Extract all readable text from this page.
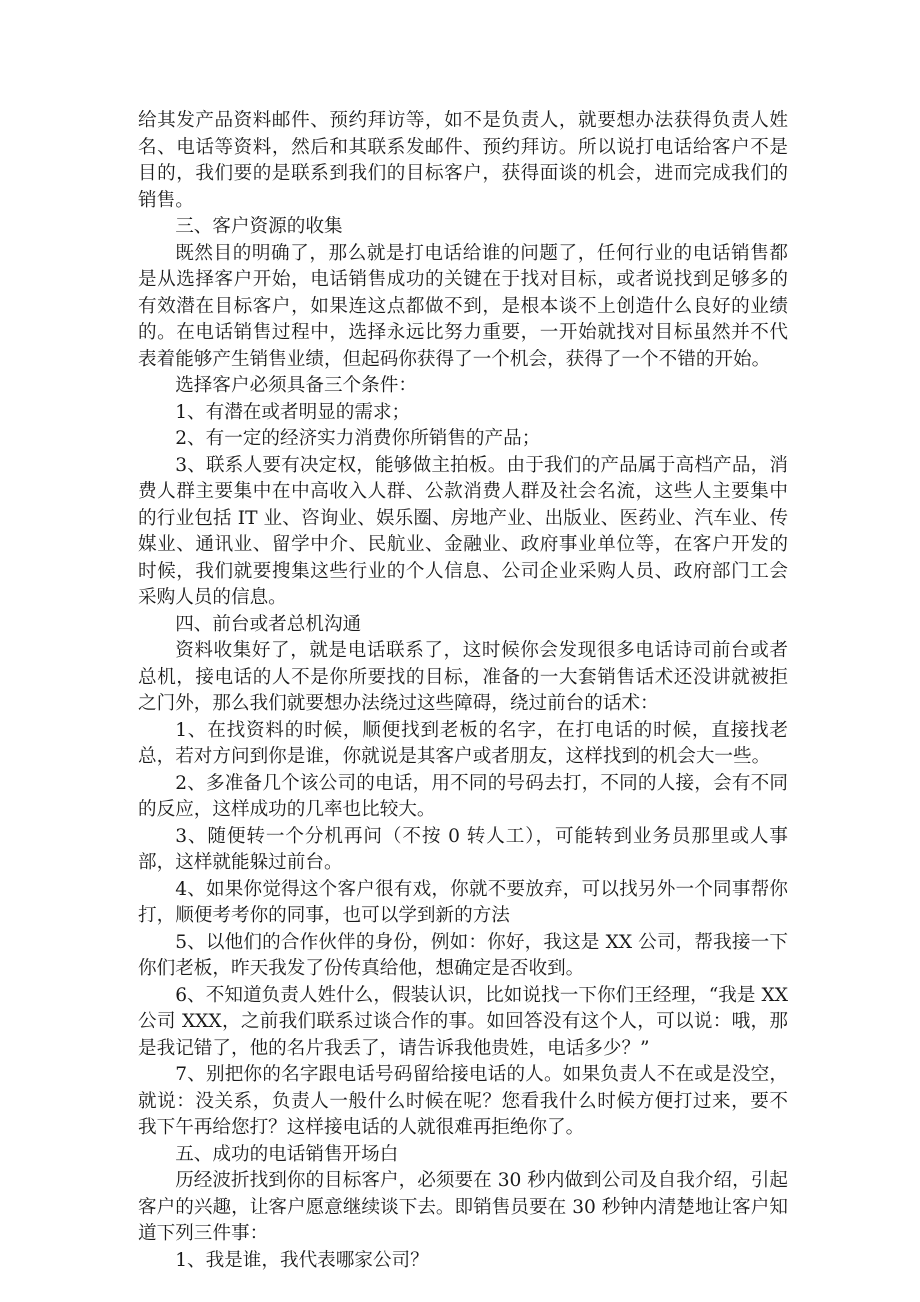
给其发产品资料邮件、预约拜访等，如不是负责人，就要想办法获得负责人姓名、电话等资料，然后和其联系发邮件、预约拜访。所以说打电话给客户不是目的，我们要的是联系到我们的目标客户，获得面谈的机会，进而完成我们的销售。

三、客户资源的收集

既然目的明确了，那么就是打电话给谁的问题了，任何行业的电话销售都是从选择客户开始，电话销售成功的关键在于找对目标，或者说找到足够多的有效潜在目标客户，如果连这点都做不到，是根本谈不上创造什么良好的业绩的。在电话销售过程中，选择永远比努力重要，一开始就找对目标虽然并不代表着能够产生销售业绩，但起码你获得了一个机会，获得了一个不错的开始。

选择客户必须具备三个条件：

1、有潜在或者明显的需求；

2、有一定的经济实力消费你所销售的产品；

3、联系人要有决定权，能够做主拍板。由于我们的产品属于高档产品，消费人群主要集中在中高收入人群、公款消费人群及社会名流，这些人主要集中的行业包括 IT 业、咨询业、娱乐圈、房地产业、出版业、医药业、汽车业、传媒业、通讯业、留学中介、民航业、金融业、政府事业单位等，在客户开发的时候，我们就要搜集这些行业的个人信息、公司企业采购人员、政府部门工会采购人员的信息。

四、前台或者总机沟通

资料收集好了，就是电话联系了，这时候你会发现很多电话诗司前台或者总机，接电话的人不是你所要找的目标，准备的一大套销售话术还没讲就被拒之门外，那么我们就要想办法绕过这些障碍，绕过前台的话术：

1、在找资料的时候，顺便找到老板的名字，在打电话的时候，直接找老总，若对方问到你是谁，你就说是其客户或者朋友，这样找到的机会大一些。

2、多准备几个该公司的电话，用不同的号码去打，不同的人接，会有不同的反应，这样成功的几率也比较大。

3、随便转一个分机再问（不按 0 转人工），可能转到业务员那里或人事部，这样就能躲过前台。

4、如果你觉得这个客户很有戏，你就不要放弃，可以找另外一个同事帮你打，顺便考考你的同事，也可以学到新的方法

5、以他们的合作伙伴的身份，例如：你好，我这是 XX 公司，帮我接一下你们老板，昨天我发了份传真给他，想确定是否收到。

6、不知道负责人姓什么，假装认识，比如说找一下你们王经理，“我是 XX 公司 XXX，之前我们联系过谈合作的事。如回答没有这个人，可以说：哦，那是我记错了，他的名片我丢了，请告诉我他贵姓，电话多少？”

7、别把你的名字跟电话号码留给接电话的人。如果负责人不在或是没空，就说：没关系，负责人一般什么时候在呢？您看我什么时候方便打过来，要不我下午再给您打？这样接电话的人就很难再拒绝你了。

五、成功的电话销售开场白

历经波折找到你的目标客户，必须要在 30 秒内做到公司及自我介绍，引起客户的兴趣，让客户愿意继续谈下去。即销售员要在 30 秒钟内清楚地让客户知道下列三件事：

1、我是谁，我代表哪家公司？
